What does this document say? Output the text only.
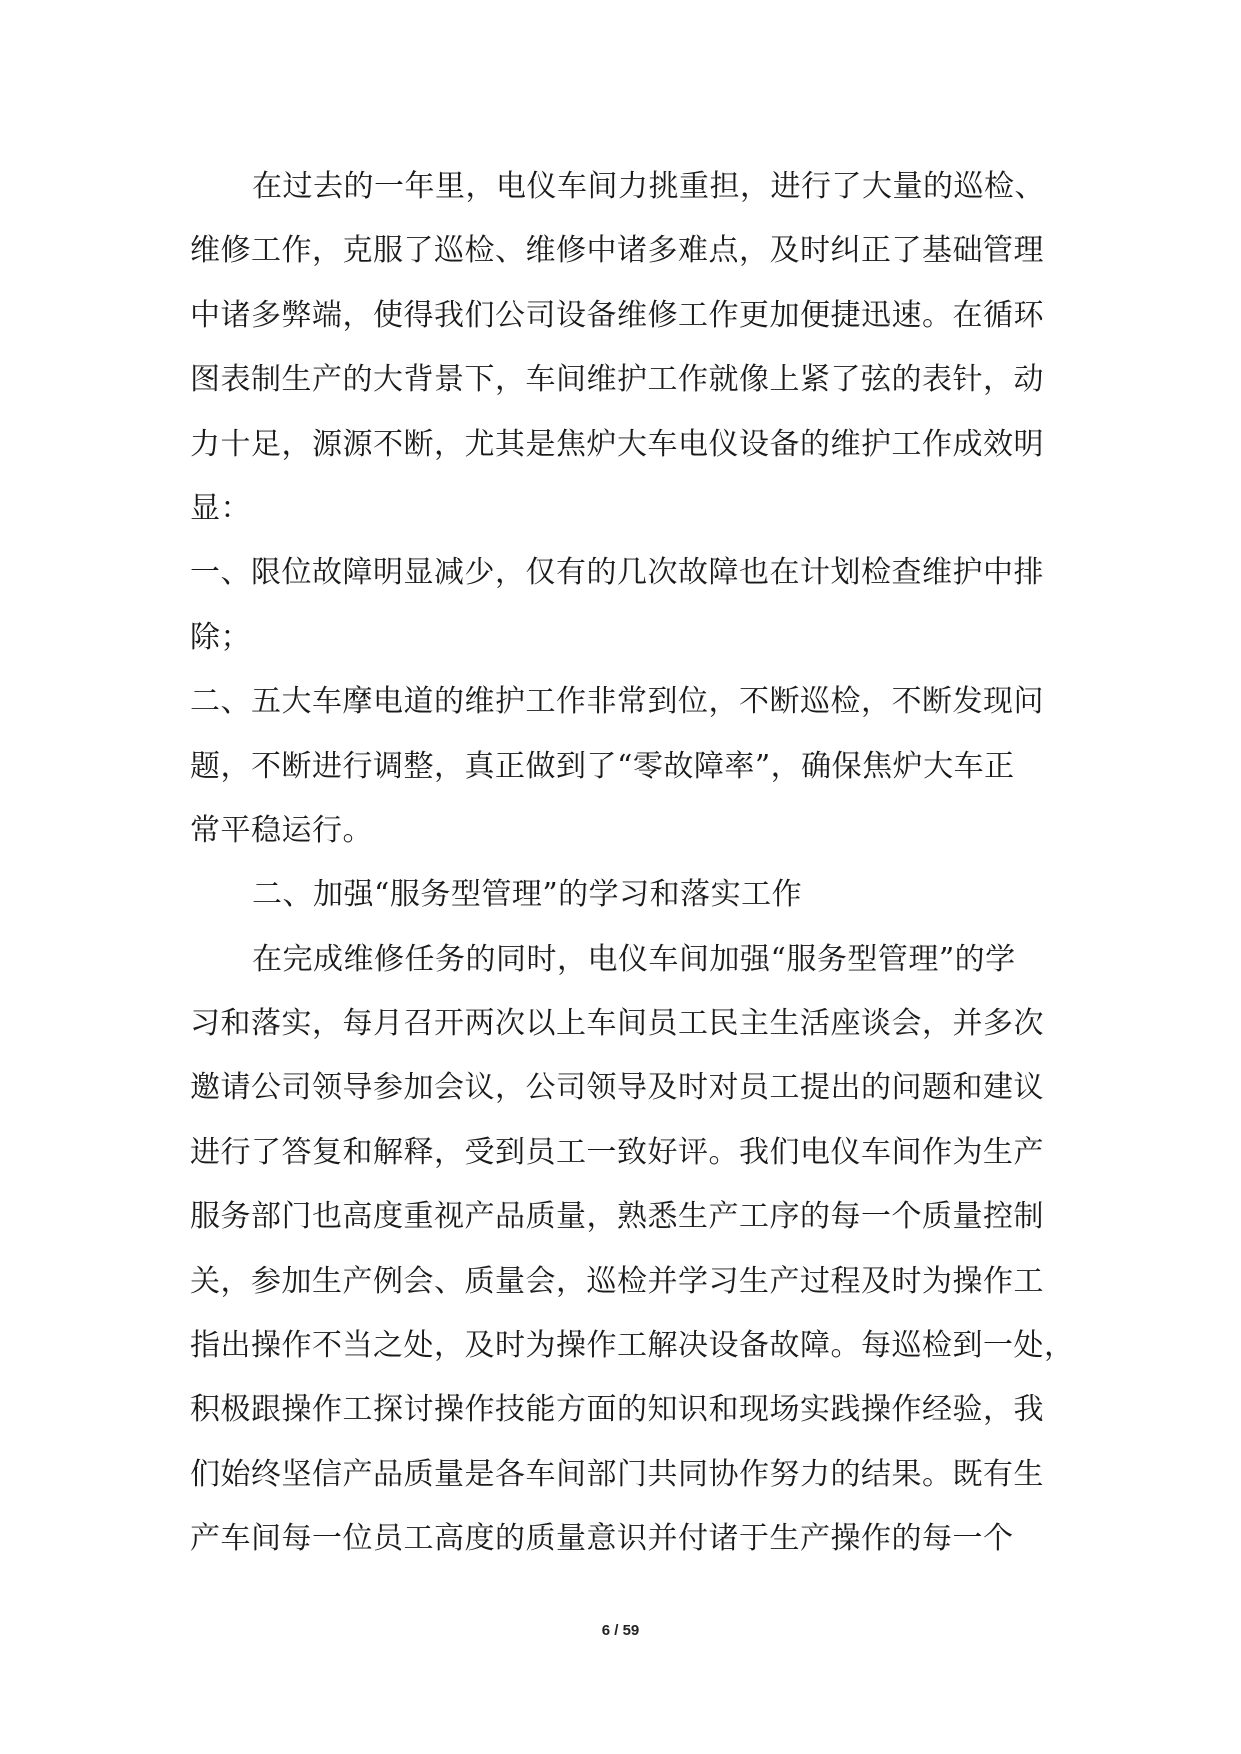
在过去的一年里，电仪车间力挑重担，进行了大量的巡检、
维修工作，克服了巡检、维修中诸多难点，及时纠正了基础管理
中诸多弊端，使得我们公司设备维修工作更加便捷迅速。在循环
图表制生产的大背景下，车间维护工作就像上紧了弦的表针，动
力十足，源源不断，尤其是焦炉大车电仪设备的维护工作成效明
显：
一、限位故障明显减少，仅有的几次故障也在计划检查维护中排
除；
二、五大车摩电道的维护工作非常到位，不断巡检，不断发现问
题，不断进行调整，真正做到了“零故障率”，确保焦炉大车正
常平稳运行。
二、加强“服务型管理”的学习和落实工作
在完成维修任务的同时，电仪车间加强“服务型管理”的学
习和落实，每月召开两次以上车间员工民主生活座谈会，并多次
邀请公司领导参加会议，公司领导及时对员工提出的问题和建议
进行了答复和解释，受到员工一致好评。我们电仪车间作为生产
服务部门也高度重视产品质量，熟悉生产工序的每一个质量控制
关，参加生产例会、质量会，巡检并学习生产过程及时为操作工
指出操作不当之处，及时为操作工解决设备故障。每巡检到一处，
积极跟操作工探讨操作技能方面的知识和现场实践操作经验，我
们始终坚信产品质量是各车间部门共同协作努力的结果。既有生
产车间每一位员工高度的质量意识并付诸于生产操作的每一个
6 / 59
